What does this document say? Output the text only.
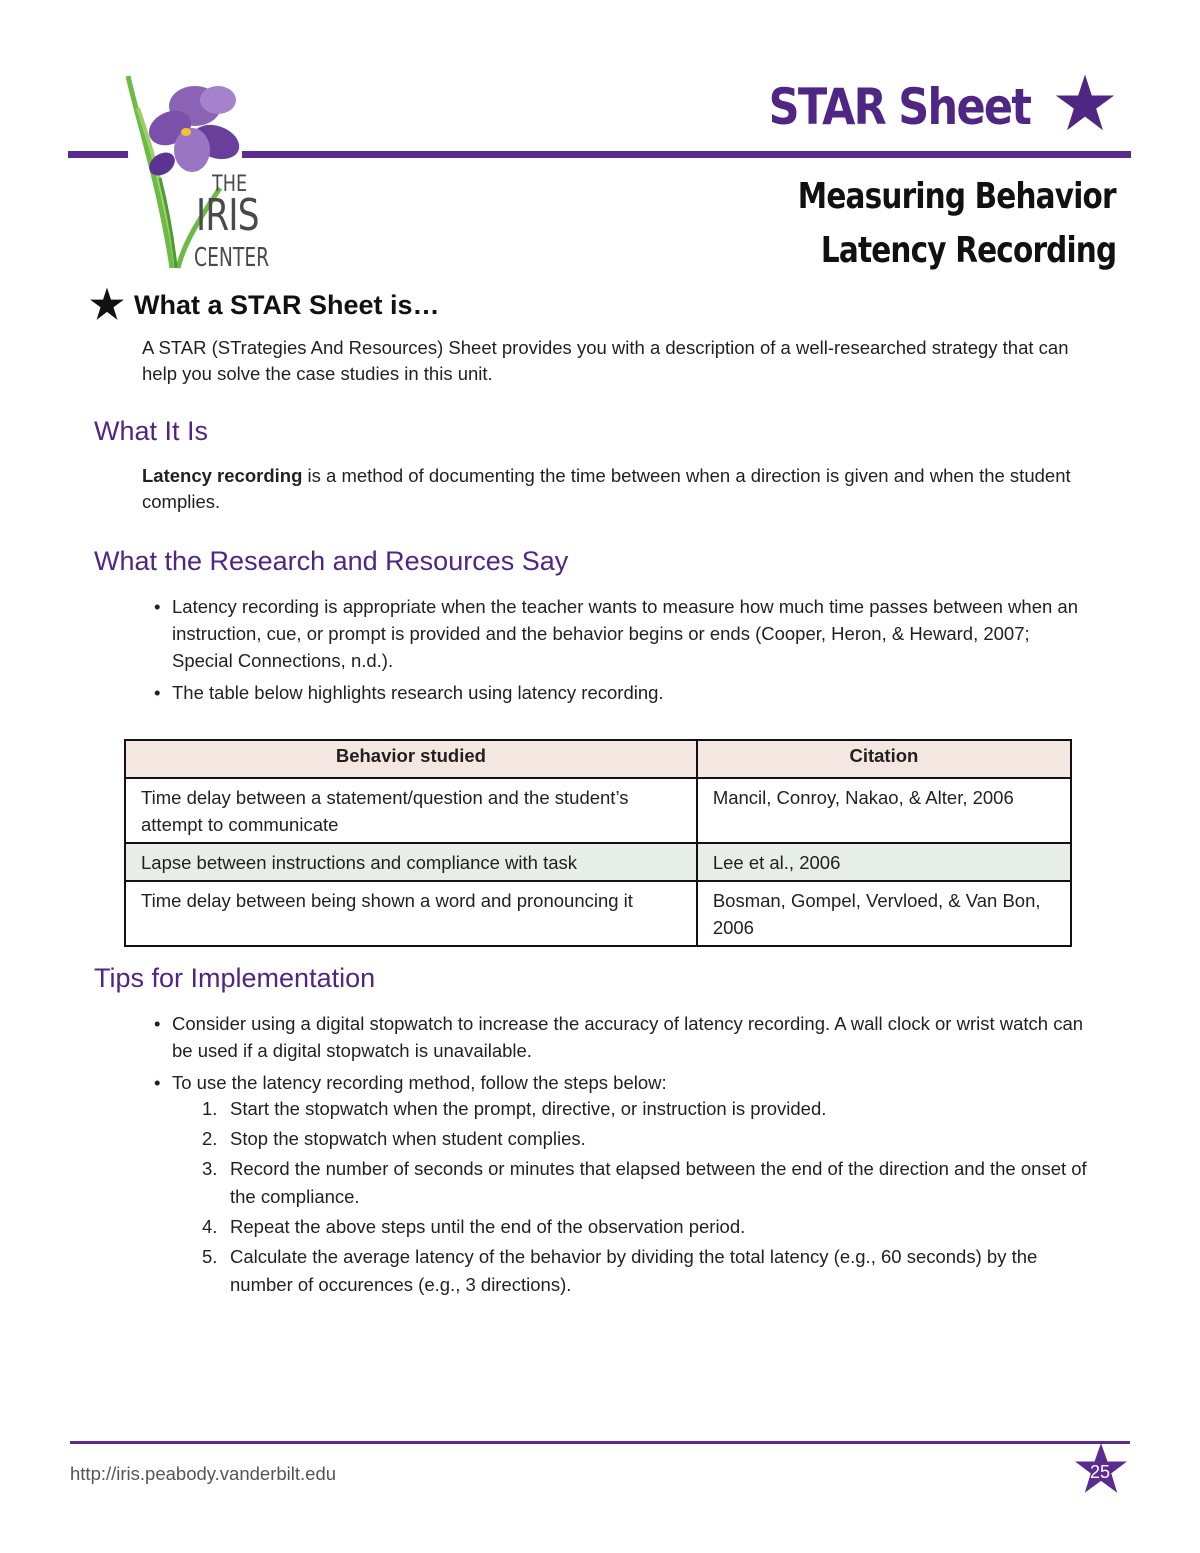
THE
IRIS
CENTER
STAR Sheet
Measuring Behavior
Latency Recording
What a STAR Sheet is…
A STAR (STrategies And Resources) Sheet provides you with a description of a well-researched strategy that can help you solve the case studies in this unit.
What It Is
Latency recording is a method of documenting the time between when a direction is given and when the student complies.
What the Research and Resources Say
• Latency recording is appropriate when the teacher wants to measure how much time passes between when an instruction, cue, or prompt is provided and the behavior begins or ends (Cooper, Heron, & Heward, 2007; Special Connections, n.d.).
• The table below highlights research using latency recording.
Behavior studied	Citation
Time delay between a statement/question and the student’s attempt to communicate	Mancil, Conroy, Nakao, & Alter, 2006
Lapse between instructions and compliance with task	Lee et al., 2006
Time delay between being shown a word and pronouncing it	Bosman, Gompel, Vervloed, & Van Bon, 2006
Tips for Implementation
• Consider using a digital stopwatch to increase the accuracy of latency recording. A wall clock or wrist watch can be used if a digital stopwatch is unavailable.
• To use the latency recording method, follow the steps below:
1. Start the stopwatch when the prompt, directive, or instruction is provided.
2. Stop the stopwatch when student complies.
3. Record the number of seconds or minutes that elapsed between the end of the direction and the onset of the compliance.
4. Repeat the above steps until the end of the observation period.
5. Calculate the average latency of the behavior by dividing the total latency (e.g., 60 seconds) by the number of occurences (e.g., 3 directions).
http://iris.peabody.vanderbilt.edu	25
